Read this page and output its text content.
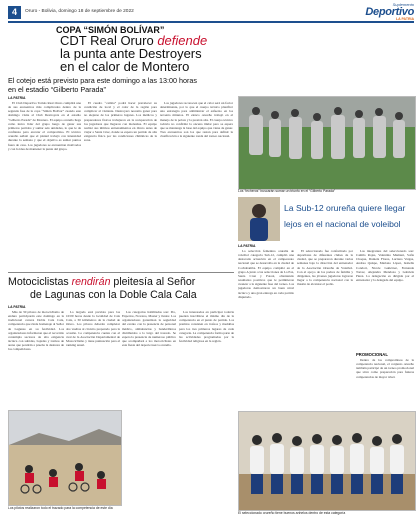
4	Oruro - Bolivia, domingo 18 de septiembre de 2022
Suplemento
Deportivo
LA PATRIA
COPA “SIMÓN BOLÍVAR”
CDT Real Oruro defiende
la punta ante Destroyers
en el calor de Montero
El cotejo está previsto para este domingo a las 13:00 horas
en el estadio “Gilberto Parada”
LA PATRIA

El Club Deportivo Tomás Real Oruro cumplirá una de sus encuentros más complicados dentro de la segunda fase de la copa “Simón Bolívar” cuando este domingo visite al Club Destroyers en el estadio “Gilberto Parada” de Montero. El equipo orureño llega como único líder del grupo luego de ganar sus primeros partidos y sumar seis unidades, lo que le da confianza para encarar el compromiso. El técnico orureño señaló que el plantel trabajó con intensidad durante la semana y que el objetivo es sumar puntos fuera de casa. Los jugadores se encuentran motivados y con la idea de mantener la punta del grupo.

El cuadro “camba” podrá hacer prevalecer su condición de local y el calor de la región para complicar al visitante. Destroyers necesita ganar para no alejarse de los primeros lugares. Los médicos y preparadores físicos trabajaron en la recuperación de los jugadores que llegaron con molestias. El equipo realizó sus últimos entrenamientos en Oruro antes de viajar a Santa Cruz, donde se espera un partido de alta exigencia física por las condiciones climáticas de la zona.

Los jugadores reconocen que el calor será un factor determinante, por lo que el cuerpo técnico planificó una estrategia para administrar el esfuerzo en los noventa minutos. El elenco orureño trabajó en el manejo de la pelota y la presión alta. El cuerpo técnico todavía no confirmó la oncena titular pero se espera que se mantenga la base del equipo que viene de ganar. Tres encuentros son los que restan para definir la clasificación a la siguiente ronda del torneo nacional.

Los “lecheros” buscarán sumar un triunfo en el “Gilberto Parada”
La Sub-12 orureña quiere llegar
lejos en el nacional de voleibol
LA PATRIA

La selección femenina orureña de voleibol categoría Sub-12, cumplió una destacada actuación en el campeonato nacional que se desarrolla en la ciudad de Cochabamba. El equipo compitió en el grupo A junto a las selecciones de La Paz, Santa Cruz y Potosí, obteniendo resultados positivos que le permitieron avanzar a la siguiente fase del torneo. Las jugadoras demostraron un buen nivel técnico y una gran entrega en cada partido disputado.

El seleccionado fue conformado por deportistas de diferentes clubes de la ciudad, que se prepararon durante varias semanas bajo la dirección del entrenador de la Asociación Orureña de Voleibol. Con el apoyo de los padres de familia y dirigentes, las jóvenes jugadoras lograron llegar a la competencia nacional con la ilusión de alcanzar el podio.

Las integrantes del seleccionado son: Camila Rojas, Valentina Mamani, Sofía Choque, Daniela Flores, Luciana Vargas, Andrea Quispe, Mariana López, Isabella Condori, Nicole Gutiérrez, Fernanda Torrez, Alejandra Mendoza y Gabriela Pérez. La delegación es dirigida por el entrenador y la delegada del equipo.

PROMOCIONAL

Dentro de los compromisos de la competencia nacional, el conjunto orureño también participó de un torneo promocional que sirve como preparación para futuras competencias de mayor nivel.

El seleccionado orureño tiene buenos anhelos dentro de esta categoría
Motociclistas rendirán pleitesía al Señor
de Lagunas con la Doble Cala Cala
LA PATRIA

Más de 30 pilotos de motociclismo de enduro participarán este domingo en la tradicional carrera Doble Cala Cala, competencia que rinde homenaje al Señor de Lagunas en su festividad. Los organizadores informaron que el recorrido contempla sectores de alta exigencia técnica con subidas, bajadas y tramos de arena que pondrán a prueba la destreza de los competidores.

La largada está prevista para las 10:00 horas desde la localidad de Cala Cala, a 30 kilómetros de la ciudad de Oruro. Los pilotos deberán completar dos vueltas al circuito preparado para la ocasión. La competencia cuenta con el aval de la Asociación Departamental de Motociclismo y tiene puntuación para el ranking anual.

Las categorías habilitadas son: Pro, Expertos, Novatos, Master y Junior. Los organizadores garantizan la seguridad del evento con la presencia de personal médico, ambulancias y banderilleros distribuidos a lo largo del trazado. Se espera la presencia de numeroso público que acompañará a los motociclistas en esta fiesta del deporte tuerca orureño.

Los interesados en participar todavía pueden inscribirse el mismo día de la competencia en el punto de partida. Los premios consisten en trofeos y medallas para los tres primeros lugares de cada categoría. La competencia forma parte de las actividades programadas por la festividad religiosa en la región.

Los pilotos realizaron todo el trazado para la competencia de este día
